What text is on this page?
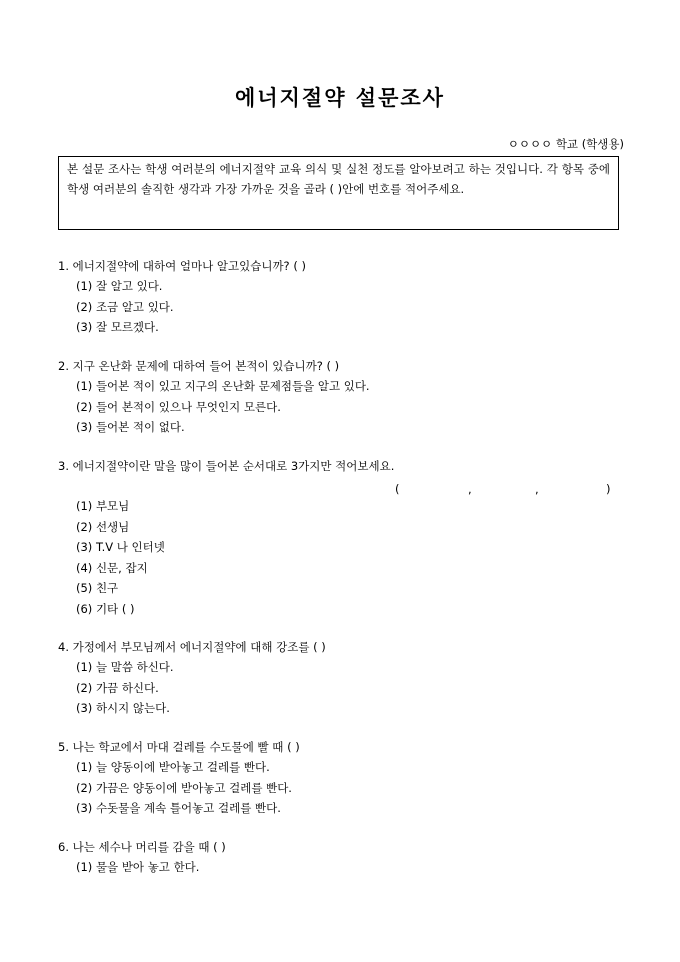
에너지절약 설문조사
ㅇㅇㅇㅇ 학교 (학생용)
본 설문 조사는 학생 여러분의 에너지절약 교육 의식 및 실천 정도를 알아보려고 하는 것입니다. 각 항목 중에 학생 여러분의 솔직한 생각과 가장 가까운 것을 골라 ( )안에 번호를 적어주세요.
1. 에너지절약에 대하여 얼마나 알고있습니까? ( )
(1) 잘 알고 있다.
(2) 조금 알고 있다.
(3) 잘 모르겠다.
2. 지구 온난화 문제에 대하여 들어 본적이 있습니까? ( )
(1) 들어본 적이 있고 지구의 온난화 문제점들을 알고 있다.
(2) 들어 본적이 있으나 무엇인지 모른다.
(3) 들어본 적이 없다.
3. 에너지절약이란 말을 많이 들어본 순서대로 3가지만 적어보세요.
(1) 부모님
(2) 선생님
(3) T.V 나 인터넷
(4) 신문, 잡지
(5) 친구
(6) 기타 ( )
(	,	,	)
4. 가정에서 부모님께서 에너지절약에 대해 강조를 ( )
(1) 늘 말씀 하신다.
(2) 가끔 하신다.
(3) 하시지 않는다.
5. 나는 학교에서 마대 걸레를 수도물에 빨 때 ( )
(1) 늘 양동이에 받아놓고 걸레를 빤다.
(2) 가끔은 양동이에 받아놓고 걸레를 빤다.
(3) 수돗물을 계속 틀어놓고 걸레를 빤다.
6. 나는 세수나 머리를 감을 때 ( )
(1) 물을 받아 놓고 한다.
